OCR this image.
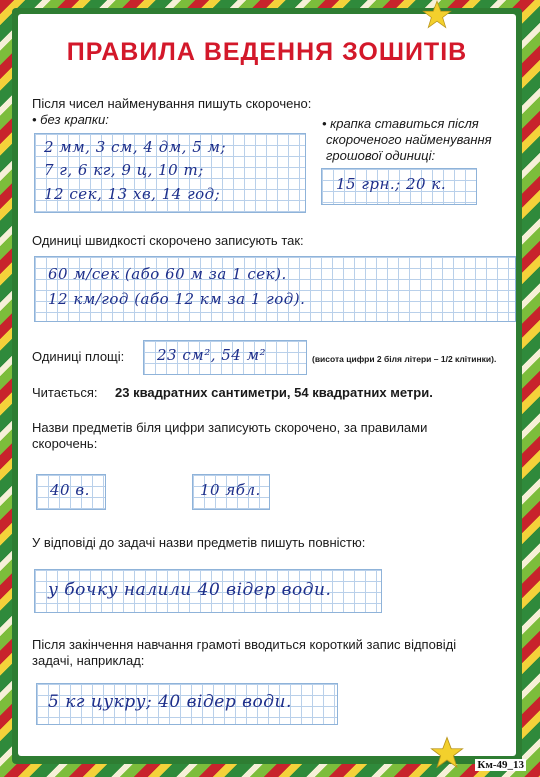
ПРАВИЛА ВЕДЕННЯ ЗОШИТІВ
Після чисел найменування пишуть скорочено:
• без крапки:
2 мм, 3 см, 4 дм, 5 м;
7 г, 6 кг, 9 ц, 10 т;
12 сек, 13 хв, 14 год;
• крапка ставиться після
скороченого найменування
грошової одиниці:
15 грн.; 20 к.
Одиниці швидкості скорочено записують так:
60 м/сек (або 60 м за 1 сек).
12 км/год (або 12 км за 1 год).
Одиниці площі: 23 см², 54 м²	(висота цифри 2 біля літери – 1/2 клітинки).
Читається: 23 квадратних сантиметри, 54 квадратних метри.
Назви предметів біля цифри записують скорочено, за правилами
скорочень:
40 в.	10 ябл.
У відповіді до задачі назви предметів пишуть повністю:
у бочку налили 40 відер води.
Після закінчення навчання грамоті вводиться короткий запис відповіді
задачі, наприклад:
5 кг цукру; 40 відер води.
Км-49_13
